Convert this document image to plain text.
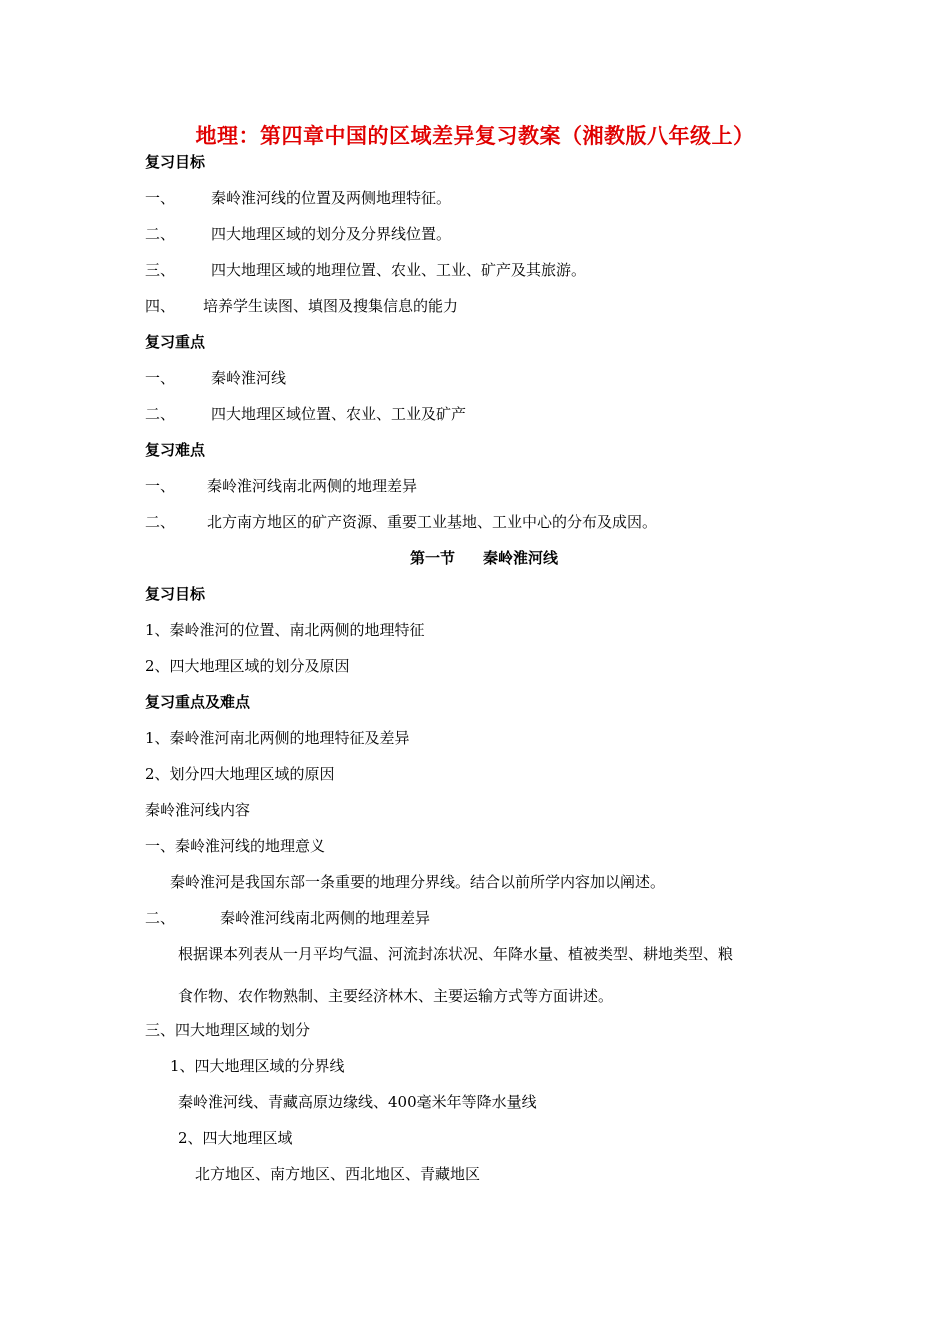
地理：第四章中国的区域差异复习教案（湘教版八年级上）
复习目标
一、 秦岭淮河线的位置及两侧地理特征。
二、 四大地理区域的划分及分界线位置。
三、 四大地理区域的地理位置、农业、工业、矿产及其旅游。
四、 培养学生读图、填图及搜集信息的能力
复习重点
一、 秦岭淮河线
二、 四大地理区域位置、农业、工业及矿产
复习难点
一、 秦岭淮河线南北两侧的地理差异
二、 北方南方地区的矿产资源、重要工业基地、工业中心的分布及成因。
第一节 秦岭淮河线
复习目标
1、秦岭淮河的位置、南北两侧的地理特征
2、四大地理区域的划分及原因
复习重点及难点
1、秦岭淮河南北两侧的地理特征及差异
2、划分四大地理区域的原因
秦岭淮河线内容
一、秦岭淮河线的地理意义
秦岭淮河是我国东部一条重要的地理分界线。结合以前所学内容加以阐述。
二、	秦岭淮河线南北两侧的地理差异
根据课本列表从一月平均气温、河流封冻状况、年降水量、植被类型、耕地类型、粮
食作物、农作物熟制、主要经济林木、主要运输方式等方面讲述。
三、四大地理区域的划分
1、四大地理区域的分界线
秦岭淮河线、青藏高原边缘线、400毫米年等降水量线
2、四大地理区域
北方地区、南方地区、西北地区、青藏地区
